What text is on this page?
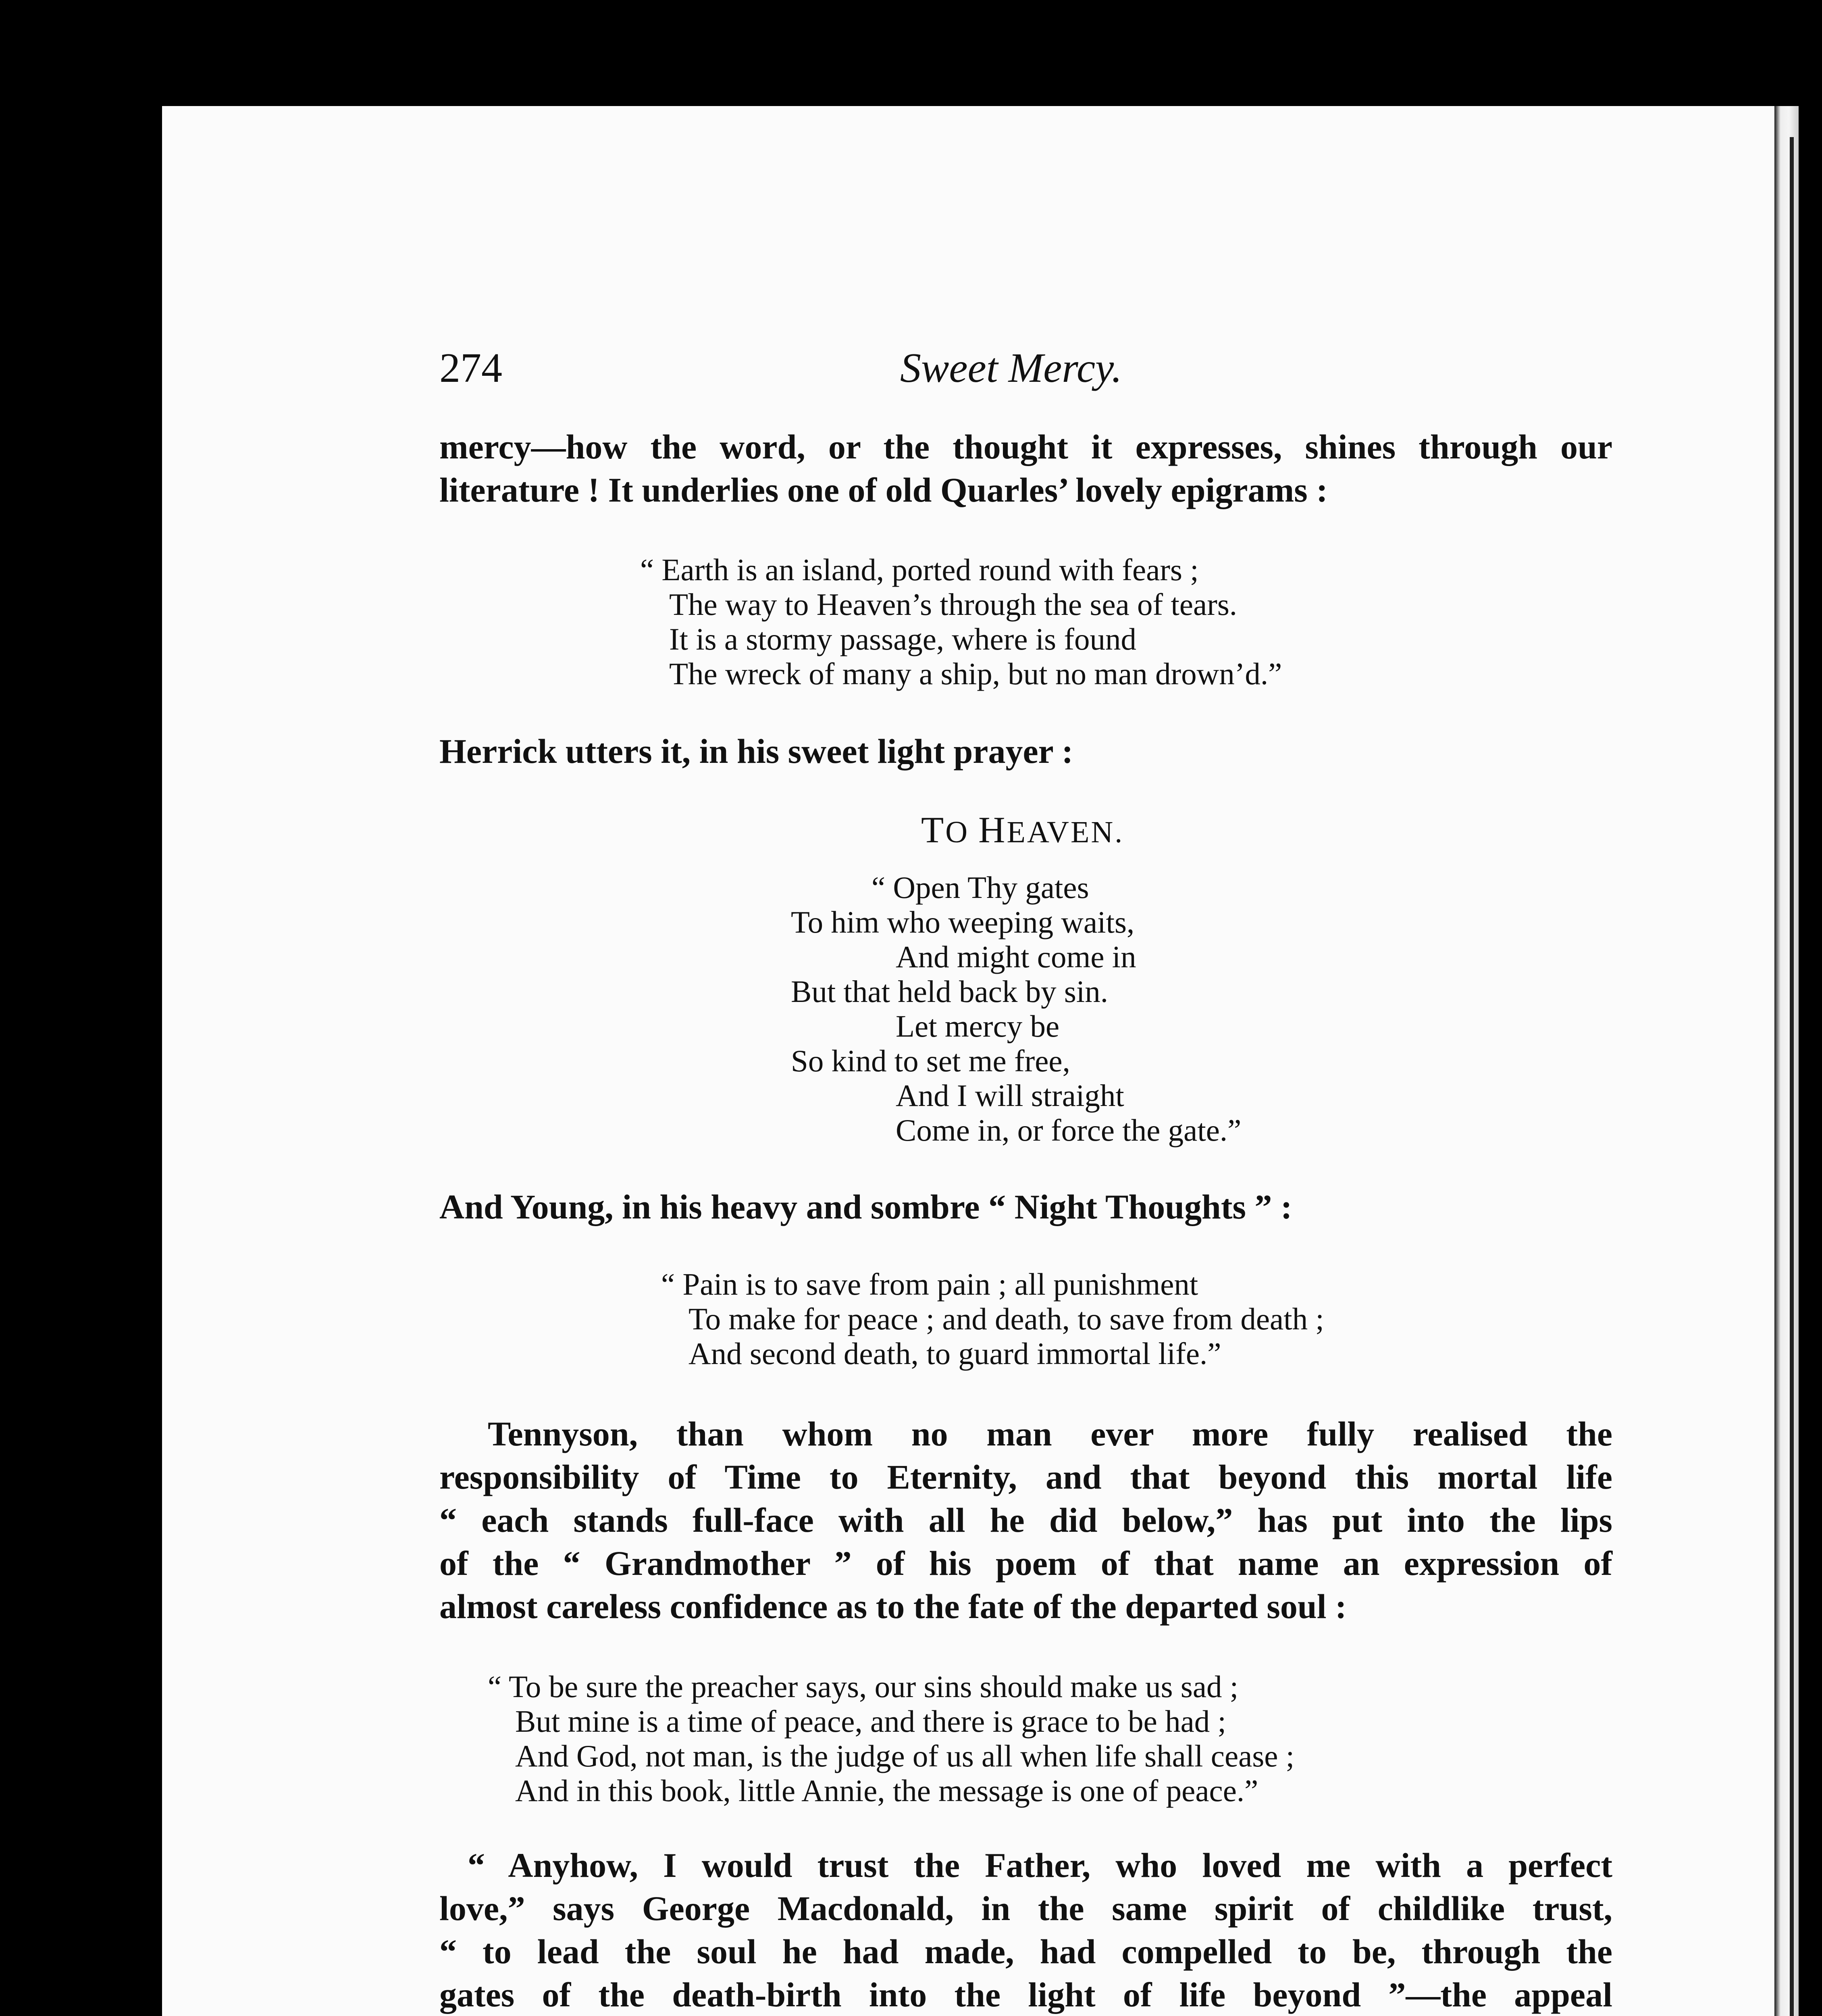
274	Sweet Mercy.

mercy—how the word, or the thought it expresses, shines through our

literature ! It underlies one of old Quarles’ lovely epigrams :

“ Earth is an island, ported round with fears ;
The way to Heaven’s through the sea of tears.
It is a stormy passage, where is found
The wreck of many a ship, but no man drown’d.”

Herrick utters it, in his sweet light prayer :

TO HEAVEN.
“ Open Thy gates
To him who weeping waits,
And might come in
But that held back by sin.
Let mercy be
So kind to set me free,
And I will straight
Come in, or force the gate.”

And Young, in his heavy and sombre “ Night Thoughts ” :

“ Pain is to save from pain ; all punishment
To make for peace ; and death, to save from death ;
And second death, to guard immortal life.”

Tennyson, than whom no man ever more fully realised the

responsibility of Time to Eternity, and that beyond this mortal life

“ each stands full-face with all he did below,” has put into the lips

of the “ Grandmother ” of his poem of that name an expression of

almost careless confidence as to the fate of the departed soul :

“ To be sure the preacher says, our sins should make us sad ;
But mine is a time of peace, and there is grace to be had ;
And God, not man, is the judge of us all when life shall cease ;
And in this book, little Annie, the message is one of peace.”

“ Anyhow, I would trust the Father, who loved me with a perfect

love,” says George Macdonald, in the same spirit of childlike trust,

“ to lead the soul he had made, had compelled to be, through the

gates of the death-birth into the light of life beyond ”—the appeal
